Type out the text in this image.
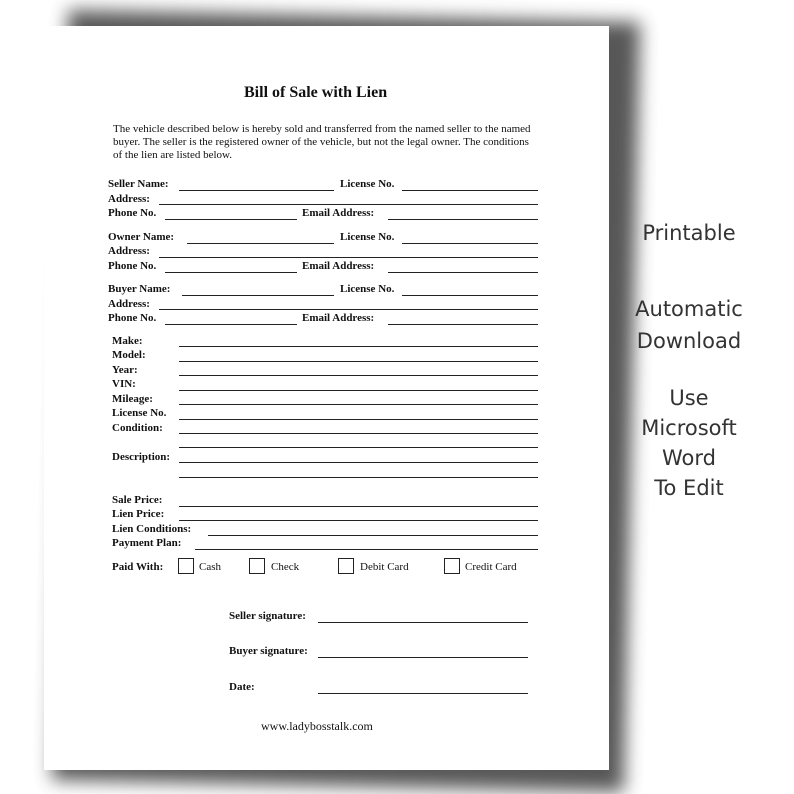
Bill of Sale with Lien
The vehicle described below is hereby sold and transferred from the named seller to the named buyer. The seller is the registered owner of the vehicle, but not the legal owner. The conditions of the lien are listed below.
Seller Name:	License No.
Address:
Phone No.	Email Address:
Owner Name:	License No.
Address:
Phone No.	Email Address:
Buyer Name:	License No.
Address:
Phone No.	Email Address:
Make:
Model:
Year:
VIN:
Mileage:
License No.
Condition:
Description:
Sale Price:
Lien Price:
Lien Conditions:
Payment Plan:
Paid With:	Cash	Check	Debit Card	Credit Card
Seller signature:
Buyer signature:
Date:
www.ladybosstalk.com
Printable
Automatic
Download
Use
Microsoft
Word
To Edit
